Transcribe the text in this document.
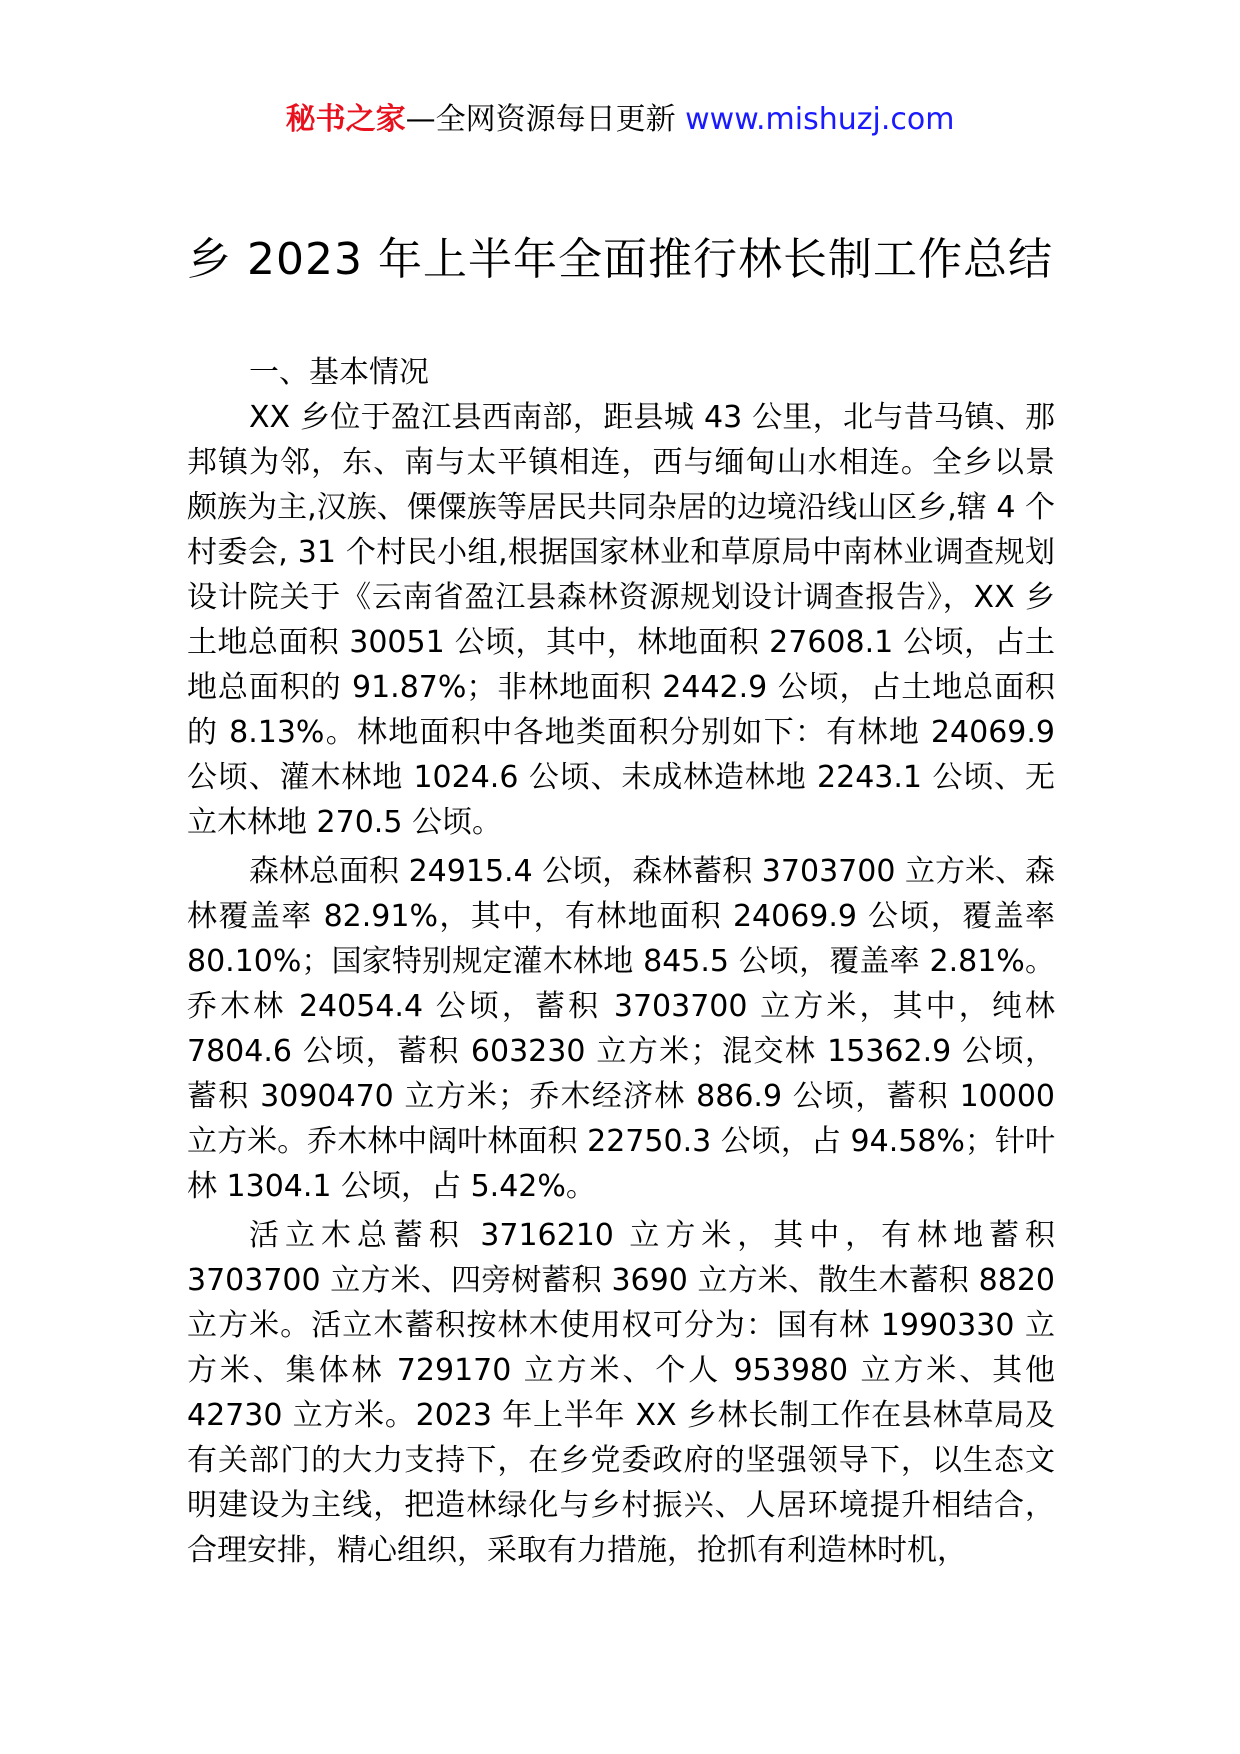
秘书之家—全网资源每日更新 www.mishuzj.com
乡 2023 年上半年全面推行林长制工作总结

一、基本情况

XX 乡位于盈江县西南部，距县城 43 公里，北与昔马镇、那邦镇为邻，东、南与太平镇相连，西与缅甸山水相连。全乡以景颇族为主,汉族、傈僳族等居民共同杂居的边境沿线山区乡,辖 4 个村委会, 31 个村民小组,根据国家林业和草原局中南林业调查规划设计院关于《云南省盈江县森林资源规划设计调查报告》，XX 乡土地总面积 30051 公顷，其中，林地面积 27608.1 公顷，占土地总面积的 91.87%；非林地面积 2442.9 公顷，占土地总面积的 8.13%。林地面积中各地类面积分别如下：有林地 24069.9 公顷、灌木林地 1024.6 公顷、未成林造林地 2243.1 公顷、无立木林地 270.5 公顷。

森林总面积 24915.4 公顷，森林蓄积 3703700 立方米、森林覆盖率 82.91%，其中，有林地面积 24069.9 公顷，覆盖率 80.10%；国家特别规定灌木林地 845.5 公顷，覆盖率 2.81%。乔木林 24054.4 公顷，蓄积 3703700 立方米，其中，纯林 7804.6 公顷，蓄积 603230 立方米；混交林 15362.9 公顷，蓄积 3090470 立方米；乔木经济林 886.9 公顷，蓄积 10000 立方米。乔木林中阔叶林面积 22750.3 公顷，占 94.58%；针叶林 1304.1 公顷，占 5.42%。

活立木总蓄积 3716210 立方米，其中，有林地蓄积 3703700 立方米、四旁树蓄积 3690 立方米、散生木蓄积 8820 立方米。活立木蓄积按林木使用权可分为：国有林 1990330 立方米、集体林 729170 立方米、个人 953980 立方米、其他 42730 立方米。2023 年上半年 XX 乡林长制工作在县林草局及有关部门的大力支持下，在乡党委政府的坚强领导下，以生态文明建设为主线，把造林绿化与乡村振兴、人居环境提升相结合，合理安排，精心组织，采取有力措施，抢抓有利造林时机，
